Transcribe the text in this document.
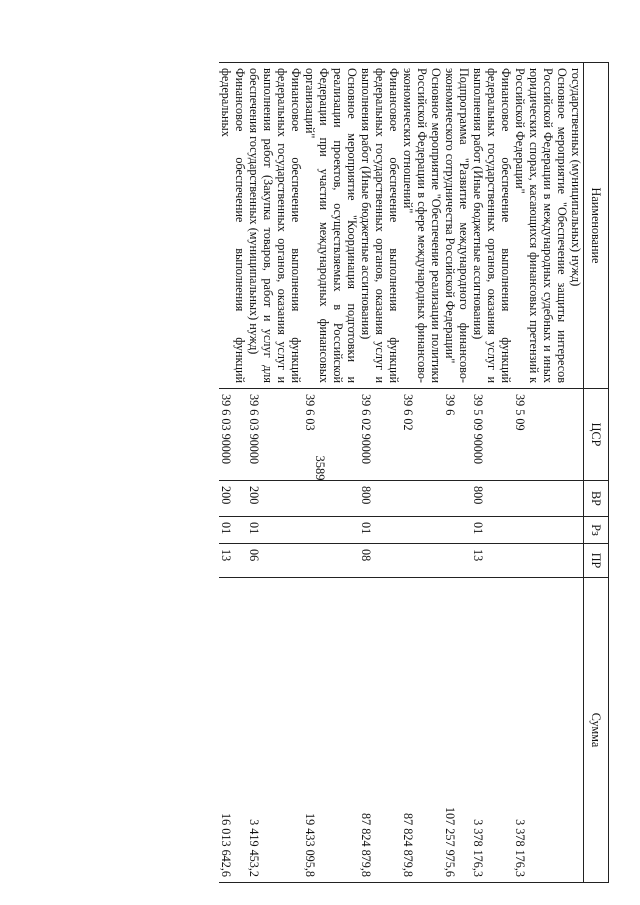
3589
Наименование	ЦСР	ВР	Рз	ПР	Сумма
государственных (муниципальных) нужд)					
Основное мероприятие "Обеспечение защиты интересов Российской Федерации в международных судебных и иных юридических спорах, касающихся финансовых претензий к Российской Федерации"	39 5 09				3 378 176,3
Финансовое обеспечение выполнения функций федеральных государственных органов, оказания услуг и выполнения работ (Иные бюджетные ассигнования)	39 5 09 90000	800	01	13	3 378 176,3
Подпрограмма "Развитие международного финансово-экономического сотрудничества Российской Федерации"	39 6				107 257 975,6
Основное мероприятие "Обеспечение реализации политики Российской Федерации в сфере международных финансово-экономических отношений"	39 6 02				87 824 879,8
Финансовое обеспечение выполнения функций федеральных государственных органов, оказания услуг и выполнения работ (Иные бюджетные ассигнования)	39 6 02 90000	800	01	08	87 824 879,8
Основное мероприятие "Координация подготовки и реализации проектов, осуществляемых в Российской Федерации при участии международных финансовых организаций"	39 6 03				19 433 095,8
Финансовое обеспечение выполнения функций федеральных государственных органов, оказания услуг и выполнения работ (Закупка товаров, работ и услуг для обеспечения государственных (муниципальных) нужд)	39 6 03 90000	200	01	06	3 419 453,2
Финансовое обеспечение выполнения функций федеральных	39 6 03 90000	200	01	13	16 013 642,6
